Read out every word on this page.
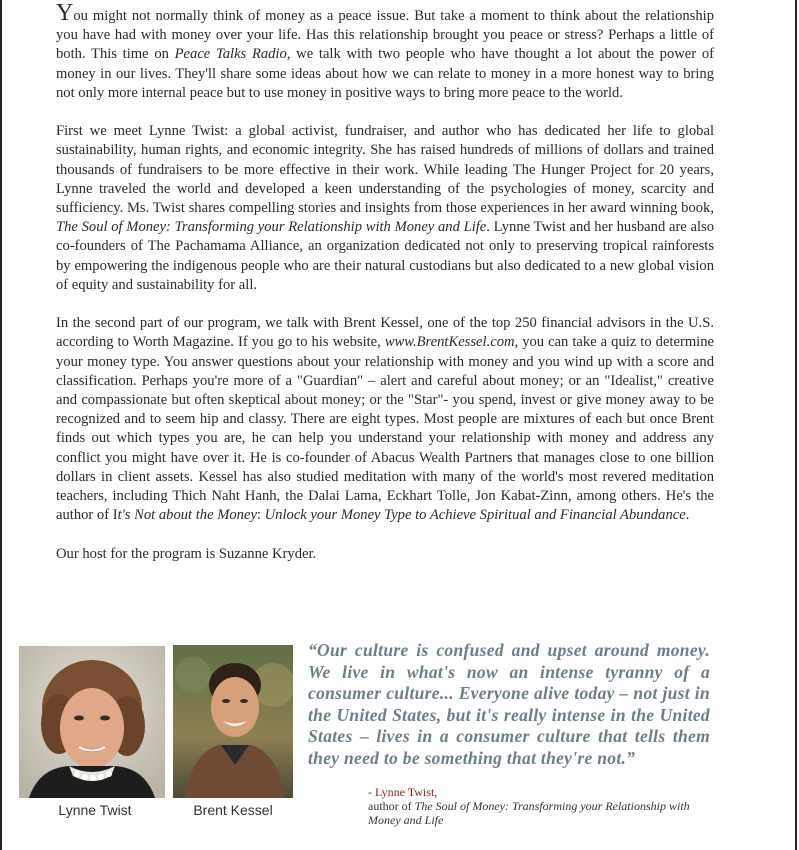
You might not normally think of money as a peace issue. But take a moment to think about the relationship you have had with money over your life. Has this relationship brought you peace or stress? Perhaps a little of both. This time on Peace Talks Radio, we talk with two people who have thought a lot about the power of money in our lives. They'll share some ideas about how we can relate to money in a more honest way to bring not only more internal peace but to use money in positive ways to bring more peace to the world.

First we meet Lynne Twist: a global activist, fundraiser, and author who has dedicated her life to global sustainability, human rights, and economic integrity. She has raised hundreds of millions of dollars and trained thousands of fundraisers to be more effective in their work. While leading The Hunger Project for 20 years, Lynne traveled the world and developed a keen understanding of the psychologies of money, scarcity and sufficiency. Ms. Twist shares compelling stories and insights from those experiences in her award winning book, The Soul of Money: Transforming your Relationship with Money and Life. Lynne Twist and her husband are also co-founders of The Pachamama Alliance, an organization dedicated not only to preserving tropical rainforests by empowering the indigenous people who are their natural custodians but also dedicated to a new global vision of equity and sustainability for all.

In the second part of our program, we talk with Brent Kessel, one of the top 250 financial advisors in the U.S. according to Worth Magazine. If you go to his website, www.BrentKessel.com, you can take a quiz to determine your money type. You answer questions about your relationship with money and you wind up with a score and classification. Perhaps you're more of a "Guardian" – alert and careful about money; or an "Idealist," creative and compassionate but often skeptical about money; or the "Star"- you spend, invest or give money away to be recognized and to seem hip and classy. There are eight types. Most people are mixtures of each but once Brent finds out which types you are, he can help you understand your relationship with money and address any conflict you might have over it. He is co-founder of Abacus Wealth Partners that manages close to one billion dollars in client assets. Kessel has also studied meditation with many of the world's most revered meditation teachers, including Thich Naht Hanh, the Dalai Lama, Eckhart Tolle, Jon Kabat-Zinn, among others. He's the author of It's Not about the Money: Unlock your Money Type to Achieve Spiritual and Financial Abundance.

Our host for the program is Suzanne Kryder.

Lynne Twist	Brent Kessel
“Our culture is confused and upset around money. We live in what's now an intense tyranny of a consumer culture... Everyone alive today – not just in the United States, but it's really intense in the United States – lives in a consumer culture that tells them they need to be something that they're not.”
- Lynne Twist,
author of The Soul of Money: Transforming your Relationship with Money and Life
